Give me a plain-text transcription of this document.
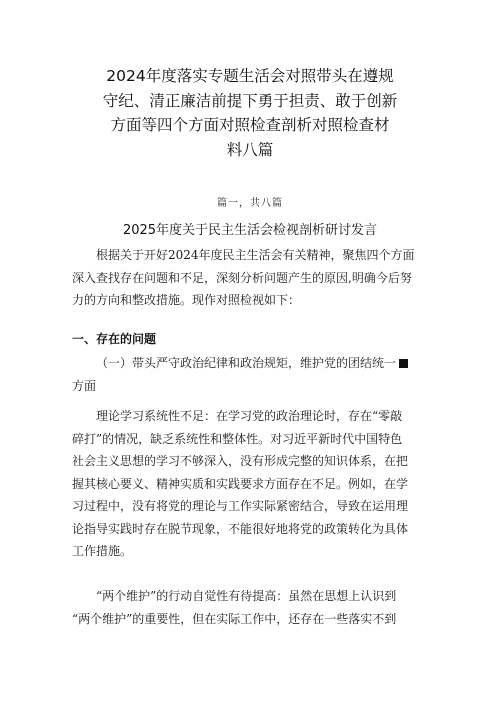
2024年度落实专题生活会对照带头在遵规
守纪、清正廉洁前提下勇于担责、敢于创新
方面等四个方面对照检查剖析对照检查材
料八篇
篇一，共八篇
2025年度关于民主生活会检视剖析研讨发言
根据关于开好2024年度民主生活会有关精神，聚焦四个方面
深入查找存在问题和不足，深刻分析问题产生的原因,明确今后努
力的方向和整改措施。现作对照检视如下：
一、存在的问题
（一）带头严守政治纪律和政治规矩，维护党的团结统一
方面
理论学习系统性不足：在学习党的政治理论时，存在“零敲
碎打”的情况，缺乏系统性和整体性。对习近平新时代中国特色
社会主义思想的学习不够深入，没有形成完整的知识体系，在把
握其核心要义、精神实质和实践要求方面存在不足。例如，在学
习过程中，没有将党的理论与工作实际紧密结合，导致在运用理
论指导实践时存在脱节现象，不能很好地将党的政策转化为具体
工作措施。
“两个维护”的行动自觉性有待提高：虽然在思想上认识到
“两个维护”的重要性，但在实际工作中，还存在一些落实不到
